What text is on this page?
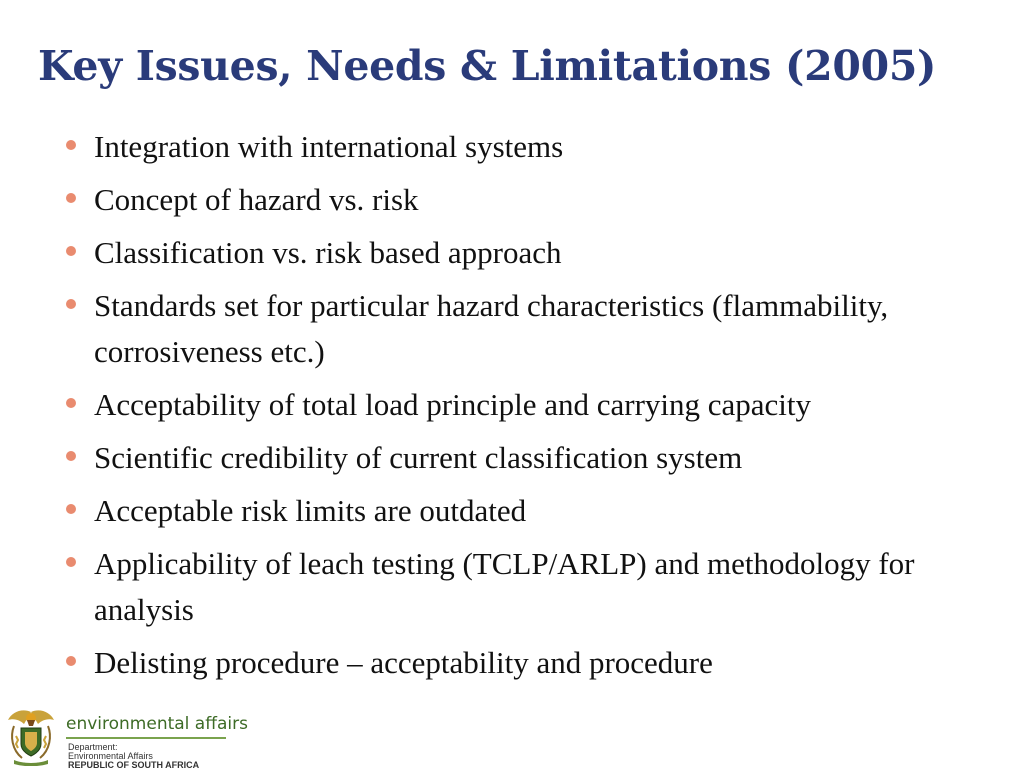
Key Issues, Needs & Limitations (2005)
Integration with international systems
Concept of hazard vs. risk
Classification vs. risk based approach
Standards set for particular hazard characteristics (flammability, corrosiveness etc.)
Acceptability of total load principle and carrying capacity
Scientific credibility of current classification system
Acceptable risk limits are outdated
Applicability of leach testing (TCLP/ARLP) and methodology for analysis
Delisting procedure – acceptability and procedure

environmental affairs

Department:

Environmental Affairs

REPUBLIC OF SOUTH AFRICA
